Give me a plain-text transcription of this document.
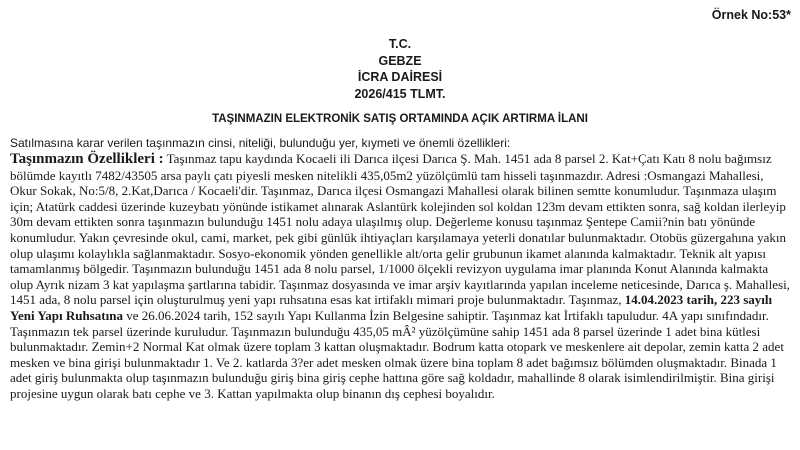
Örnek No:53*
T.C.
GEBZE
İCRA DAİRESİ
2026/415 TLMT.
TAŞINMAZIN ELEKTRONİK SATIŞ ORTAMINDA AÇIK ARTIRMA İLANI
Satılmasına karar verilen taşınmazın cinsi, niteliği, bulunduğu yer, kıymeti ve önemli özellikleri:
Taşınmazın Özellikleri : Taşınmaz tapu kaydında Kocaeli ili Darıca ilçesi Darıca Ş. Mah. 1451 ada 8 parsel 2. Kat+Çatı Katı 8 nolu bağımsız bölümde kayıtlı 7482/43505 arsa paylı çatı piyesli mesken nitelikli 435,05m2 yüzölçümlü tam hisseli taşınmazdır. Adresi :Osmangazi Mahallesi, Okur Sokak, No:5/8, 2.Kat,Darıca / Kocaeli'dir. Taşınmaz, Darıca ilçesi Osmangazi Mahallesi olarak bilinen semtte konumludur. Taşınmaza ulaşım için; Atatürk caddesi üzerinde kuzeybatı yönünde istikamet alınarak Aslantürk kolejinden sol koldan 123m devam ettikten sonra, sağ koldan ilerleyip 30m devam ettikten sonra taşınmazın bulunduğu 1451 nolu adaya ulaşılmış olup. Değerleme konusu taşınmaz Şentepe Camii?nin batı yönünde konumludur. Yakın çevresinde okul, cami, market, pek gibi günlük ihtiyaçları karşılamaya yeterli donatılar bulunmaktadır. Otobüs güzergahına yakın olup ulaşımı kolaylıkla sağlanmaktadır. Sosyo-ekonomik yönden genellikle alt/orta gelir grubunun ikamet alanında kalmaktadır. Teknik alt yapısı tamamlanmış bölgedir. Taşınmazın bulunduğu 1451 ada 8 nolu parsel, 1/1000 ölçekli revizyon uygulama imar planında Konut Alanında kalmakta olup Ayrık nizam 3 kat yapılaşma şartlarına tabidir. Taşınmaz dosyasında ve imar arşiv kayıtlarında yapılan inceleme neticesinde, Darıca ş. Mahallesi, 1451 ada, 8 nolu parsel için oluşturulmuş yeni yapı ruhsatına esas kat irtifaklı mimari proje bulunmaktadır. Taşınmaz, 14.04.2023 tarih, 223 sayılı Yeni Yapı Ruhsatına ve 26.06.2024 tarih, 152 sayılı Yapı Kullanma İzin Belgesine sahiptir. Taşınmaz kat İrtifaklı tapuludur. 4A yapı sınıfındadır. Taşınmazın tek parsel üzerinde kuruludur. Taşınmazın bulunduğu 435,05 mÂ² yüzölçümüne sahip 1451 ada 8 parsel üzerinde 1 adet bina kütlesi bulunmaktadır. Zemin+2 Normal Kat olmak üzere toplam 3 kattan oluşmaktadır. Bodrum katta otopark ve meskenlere ait depolar, zemin katta 2 adet mesken ve bina girişi bulunmaktadır 1. Ve 2. katlarda 3?er adet mesken olmak üzere bina toplam 8 adet bağımsız bölümden oluşmaktadır. Binada 1 adet giriş bulunmakta olup taşınmazın bulunduğu giriş bina giriş cephe hattına göre sağ koldadır, mahallinde 8 olarak isimlendirilmiştir. Bina girişi projesine uygun olarak batı cephe ve 3. Kattan yapılmakta olup binanın dış cephesi boyalıdır.
